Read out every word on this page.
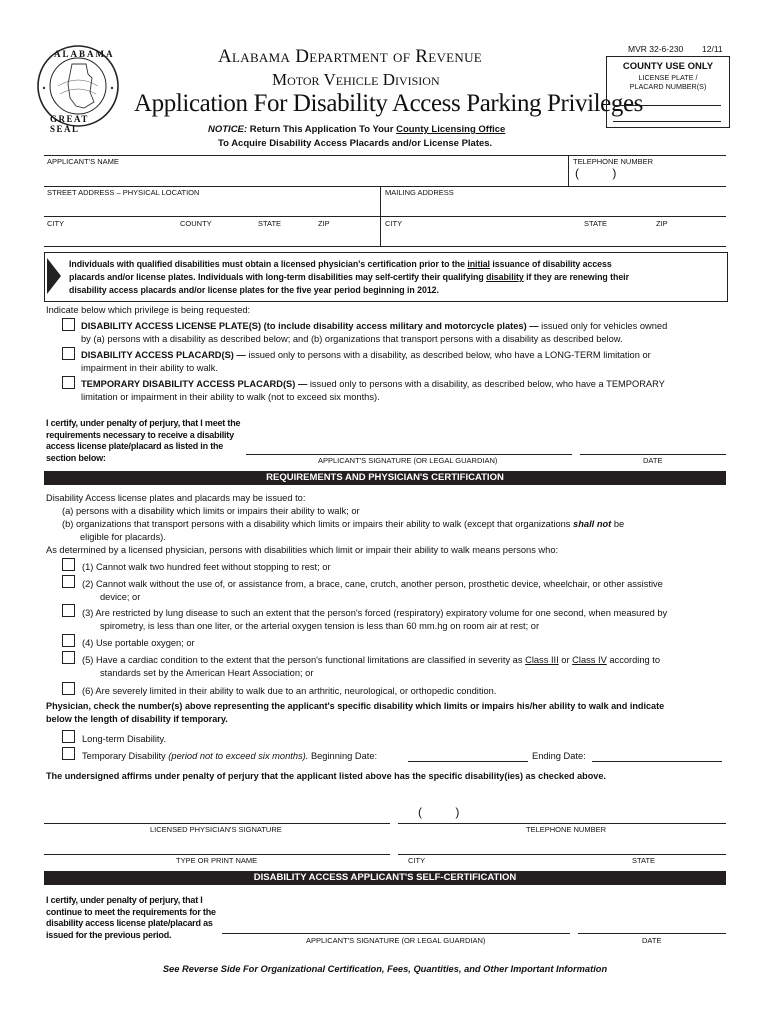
ALABAMA
GREAT SEAL
Alabama Department of Revenue
Motor Vehicle Division
Application For Disability Access Parking Privileges
MVR 32-6-230 12/11
COUNTY USE ONLY
LICENSE PLATE / PLACARD NUMBER(S)
NOTICE: Return This Application To Your County Licensing Office
To Acquire Disability Access Placards and/or License Plates.
APPLICANT'S NAME	TELEPHONE NUMBER
(          )
STREET ADDRESS – PHYSICAL LOCATION	MAILING ADDRESS
CITY	COUNTY	STATE	ZIP	CITY	STATE	ZIP
Individuals with qualified disabilities must obtain a licensed physician's certification prior to the initial issuance of disability access
placards and/or license plates. Individuals with long-term disabilities may self-certify their qualifying disability if they are renewing their
disability access placards and/or license plates for the five year period beginning in 2012.
Indicate below which privilege is being requested:
DISABILITY ACCESS LICENSE PLATE(S) (to include disability access military and motorcycle plates) — issued only for vehicles owned
by (a) persons with a disability as described below; and (b) organizations that transport persons with a disability as described below.
DISABILITY ACCESS PLACARD(S) — issued only to persons with a disability, as described below, who have a LONG-TERM limitation or
impairment in their ability to walk.
TEMPORARY DISABILITY ACCESS PLACARD(S) — issued only to persons with a disability, as described below, who have a TEMPORARY
limitation or impairment in their ability to walk (not to exceed six months).
I certify, under penalty of perjury, that I meet the
requirements necessary to receive a disability
access license plate/placard as listed in the
section below:	APPLICANT'S SIGNATURE (OR LEGAL GUARDIAN)	DATE
REQUIREMENTS AND PHYSICIAN'S CERTIFICATION
Disability Access license plates and placards may be issued to:
(a) persons with a disability which limits or impairs their ability to walk; or
(b) organizations that transport persons with a disability which limits or impairs their ability to walk (except that organizations shall not be
eligible for placards).
As determined by a licensed physician, persons with disabilities which limit or impair their ability to walk means persons who:
(1) Cannot walk two hundred feet without stopping to rest; or
(2) Cannot walk without the use of, or assistance from, a brace, cane, crutch, another person, prosthetic device, wheelchair, or other assistive
device; or
(3) Are restricted by lung disease to such an extent that the person's forced (respiratory) expiratory volume for one second, when measured by
spirometry, is less than one liter, or the arterial oxygen tension is less than 60 mm.hg on room air at rest; or
(4) Use portable oxygen; or
(5) Have a cardiac condition to the extent that the person's functional limitations are classified in severity as Class III or Class IV according to
standards set by the American Heart Association; or
(6) Are severely limited in their ability to walk due to an arthritic, neurological, or orthopedic condition.
Physician, check the number(s) above representing the applicant's specific disability which limits or impairs his/her ability to walk and indicate
below the length of disability if temporary.
Long-term Disability.
Temporary Disability (period not to exceed six months). Beginning Date:	Ending Date:
The undersigned affirms under penalty of perjury that the applicant listed above has the specific disability(ies) as checked above.
LICENSED PHYSICIAN'S SIGNATURE
(          )
TELEPHONE NUMBER
TYPE OR PRINT NAME	CITY	STATE
DISABILITY ACCESS APPLICANT'S SELF-CERTIFICATION
I certify, under penalty of perjury, that I
continue to meet the requirements for the
disability access license plate/placard as
issued for the previous period.
APPLICANT'S SIGNATURE (OR LEGAL GUARDIAN)	DATE
See Reverse Side For Organizational Certification, Fees, Quantities, and Other Important Information
